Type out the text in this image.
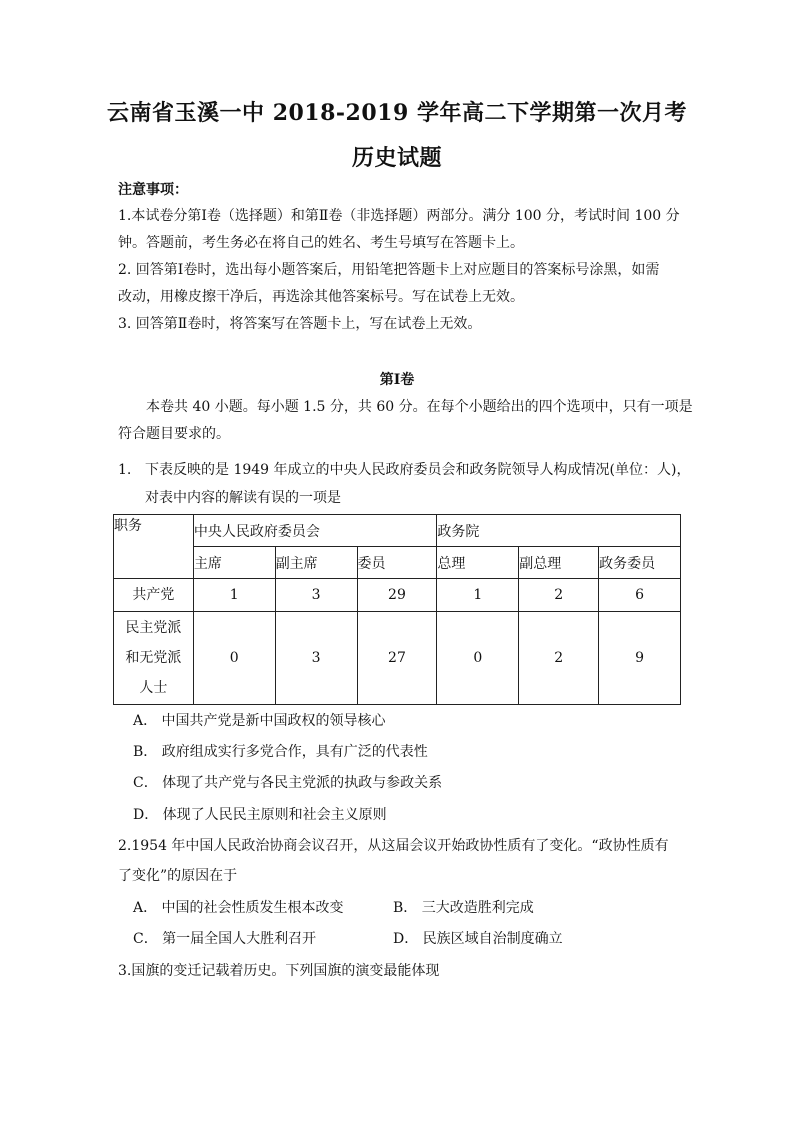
云南省玉溪一中 2018-2019 学年高二下学期第一次月考
历史试题
注意事项：
1.本试卷分第Ⅰ卷（选择题）和第Ⅱ卷（非选择题）两部分。满分 100 分，考试时间 100 分
钟。答题前，考生务必在将自己的姓名、考生号填写在答题卡上。
2. 回答第Ⅰ卷时，选出每小题答案后，用铅笔把答题卡上对应题目的答案标号涂黑，如需
改动，用橡皮擦干净后，再选涂其他答案标号。写在试卷上无效。
3. 回答第Ⅱ卷时，将答案写在答题卡上，写在试卷上无效。
第Ⅰ卷
本卷共 40 小题。每小题 1.5 分，共 60 分。在每个小题给出的四个选项中，只有一项是
符合题目要求的。
1. 下表反映的是 1949 年成立的中央人民政府委员会和政务院领导人构成情况(单位：人)，
对表中内容的解读有误的一项是
职务	中央人民政府委员会			政务院		
	主席	副主席	委员	总理	副总理	政务委员
共产党	1	3	29	1	2	6

民主党派
和无党派
人士	0	3	27	0	2	9
A． 中国共产党是新中国政权的领导核心
B． 政府组成实行多党合作，具有广泛的代表性
C． 体现了共产党与各民主党派的执政与参政关系
D． 体现了人民民主原则和社会主义原则
2.1954 年中国人民政治协商会议召开，从这届会议开始政协性质有了变化。“政协性质有
了变化”的原因在于
A． 中国的社会性质发生根本改变	B． 三大改造胜利完成
C． 第一届全国人大胜利召开	D． 民族区域自治制度确立
3.国旗的变迁记载着历史。下列国旗的演变最能体现
